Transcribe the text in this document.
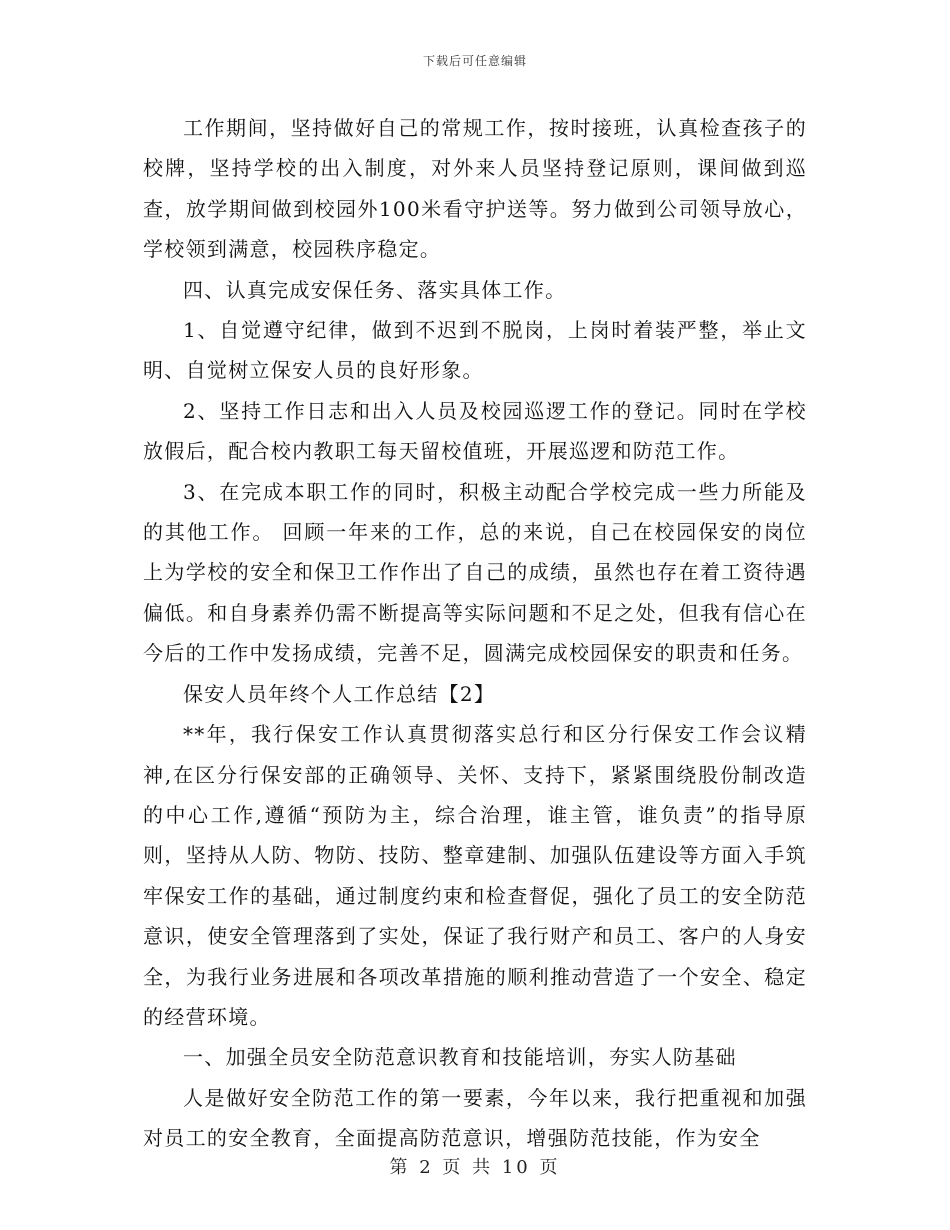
下载后可任意编辑

工作期间，坚持做好自己的常规工作，按时接班，认真检查孩子的校牌，坚持学校的出入制度，对外来人员坚持登记原则，课间做到巡查，放学期间做到校园外100米看守护送等。努力做到公司领导放心，学校领到满意，校园秩序稳定。

四、认真完成安保任务、落实具体工作。

1、自觉遵守纪律，做到不迟到不脱岗，上岗时着装严整，举止文明、自觉树立保安人员的良好形象。

2、坚持工作日志和出入人员及校园巡逻工作的登记。同时在学校放假后，配合校内教职工每天留校值班，开展巡逻和防范工作。

3、在完成本职工作的同时，积极主动配合学校完成一些力所能及的其他工作。 回顾一年来的工作，总的来说，自己在校园保安的岗位上为学校的安全和保卫工作作出了自己的成绩，虽然也存在着工资待遇偏低。和自身素养仍需不断提高等实际问题和不足之处，但我有信心在今后的工作中发扬成绩，完善不足，圆满完成校园保安的职责和任务。

保安人员年终个人工作总结【2】

**年，我行保安工作认真贯彻落实总行和区分行保安工作会议精神,在区分行保安部的正确领导、关怀、支持下，紧紧围绕股份制改造的中心工作,遵循“预防为主，综合治理，谁主管，谁负责”的指导原则，坚持从人防、物防、技防、整章建制、加强队伍建设等方面入手筑牢保安工作的基础，通过制度约束和检查督促，强化了员工的安全防范意识，使安全管理落到了实处，保证了我行财产和员工、客户的人身安全，为我行业务进展和各项改革措施的顺利推动营造了一个安全、稳定的经营环境。

一、加强全员安全防范意识教育和技能培训，夯实人防基础

人是做好安全防范工作的第一要素，今年以来，我行把重视和加强对员工的安全教育，全面提高防范意识，增强防范技能，作为安全

第 2 页 共 10 页
